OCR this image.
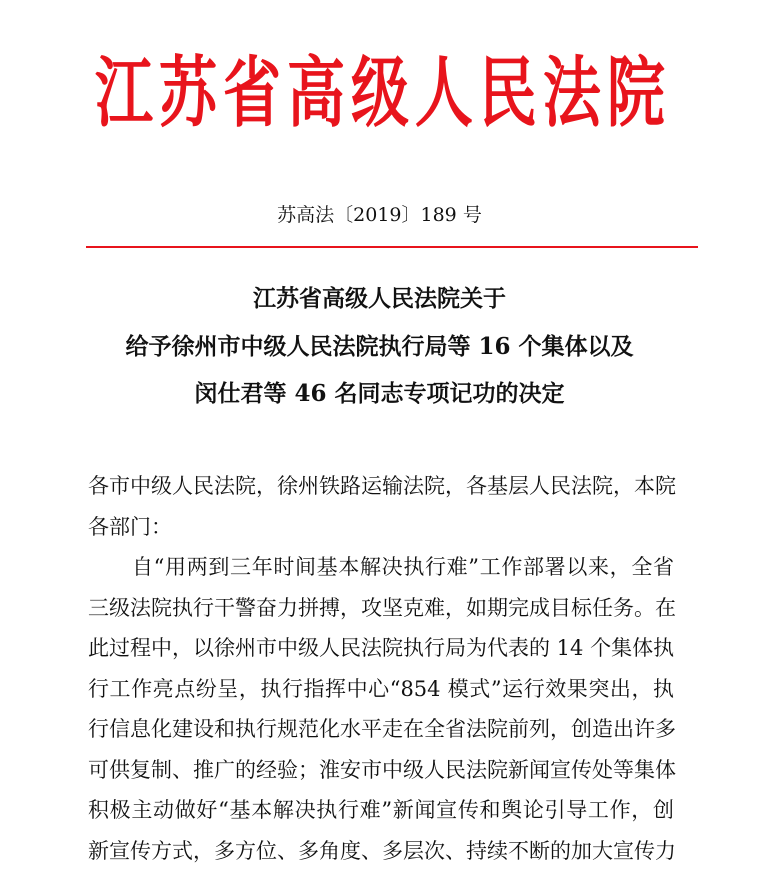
江 苏 省 高 级 人 民 法 院
苏高法〔2019〕189 号
江苏省高级人民法院关于
给予徐州市中级人民法院执行局等 16 个集体以及
闵仕君等 46 名同志专项记功的决定
各市中级人民法院，徐州铁路运输法院，各基层人民法院，本院
各部门：
自“用两到三年时间基本解决执行难”工作部署以来，全省
三级法院执行干警奋力拼搏，攻坚克难，如期完成目标任务。在
此过程中，以徐州市中级人民法院执行局为代表的 14 个集体执
行工作亮点纷呈，执行指挥中心“854 模式”运行效果突出，执
行信息化建设和执行规范化水平走在全省法院前列，创造出许多
可供复制、推广的经验；淮安市中级人民法院新闻宣传处等集体
积极主动做好“基本解决执行难”新闻宣传和舆论引导工作，创
新宣传方式，多方位、多角度、多层次、持续不断的加大宣传力
